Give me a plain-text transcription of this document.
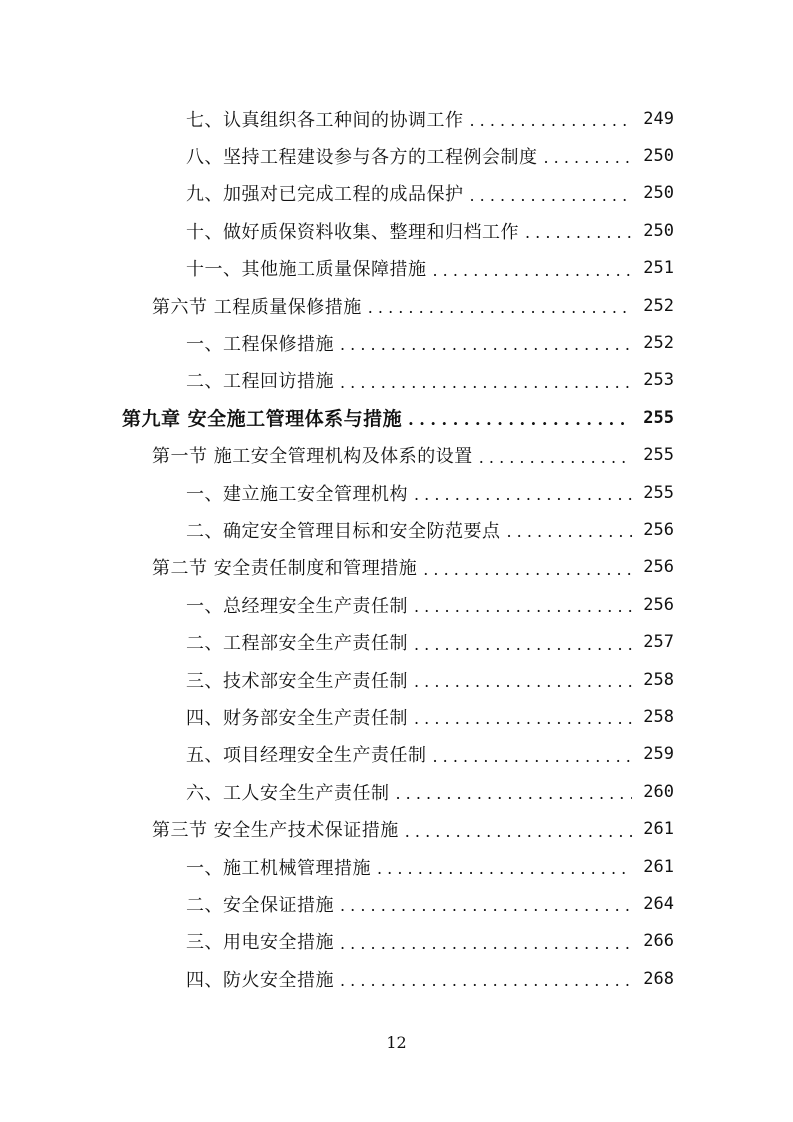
七、认真组织各工种间的协调工作 . . .	249
八、坚持工程建设参与各方的工程例会制度 . . .	250
九、加强对已完成工程的成品保护 . . .	250
十、做好质保资料收集、整理和归档工作 . . .	250
十一、其他施工质量保障措施 . . .	251
第六节 工程质量保修措施 . . .	252
一、工程保修措施 . . .	252
二、工程回访措施 . . .	253
第九章 安全施工管理体系与措施 . . .	255
第一节 施工安全管理机构及体系的设置 . . .	255
一、建立施工安全管理机构 . . .	255
二、确定安全管理目标和安全防范要点 . . .	256
第二节 安全责任制度和管理措施 . . .	256
一、总经理安全生产责任制 . . .	256
二、工程部安全生产责任制 . . .	257
三、技术部安全生产责任制 . . .	258
四、财务部安全生产责任制 . . .	258
五、项目经理安全生产责任制 . . .	259
六、工人安全生产责任制 . . .	260
第三节 安全生产技术保证措施 . . .	261
一、施工机械管理措施 . . .	261
二、安全保证措施 . . .	264
三、用电安全措施 . . .	266
四、防火安全措施 . . .	268
12
